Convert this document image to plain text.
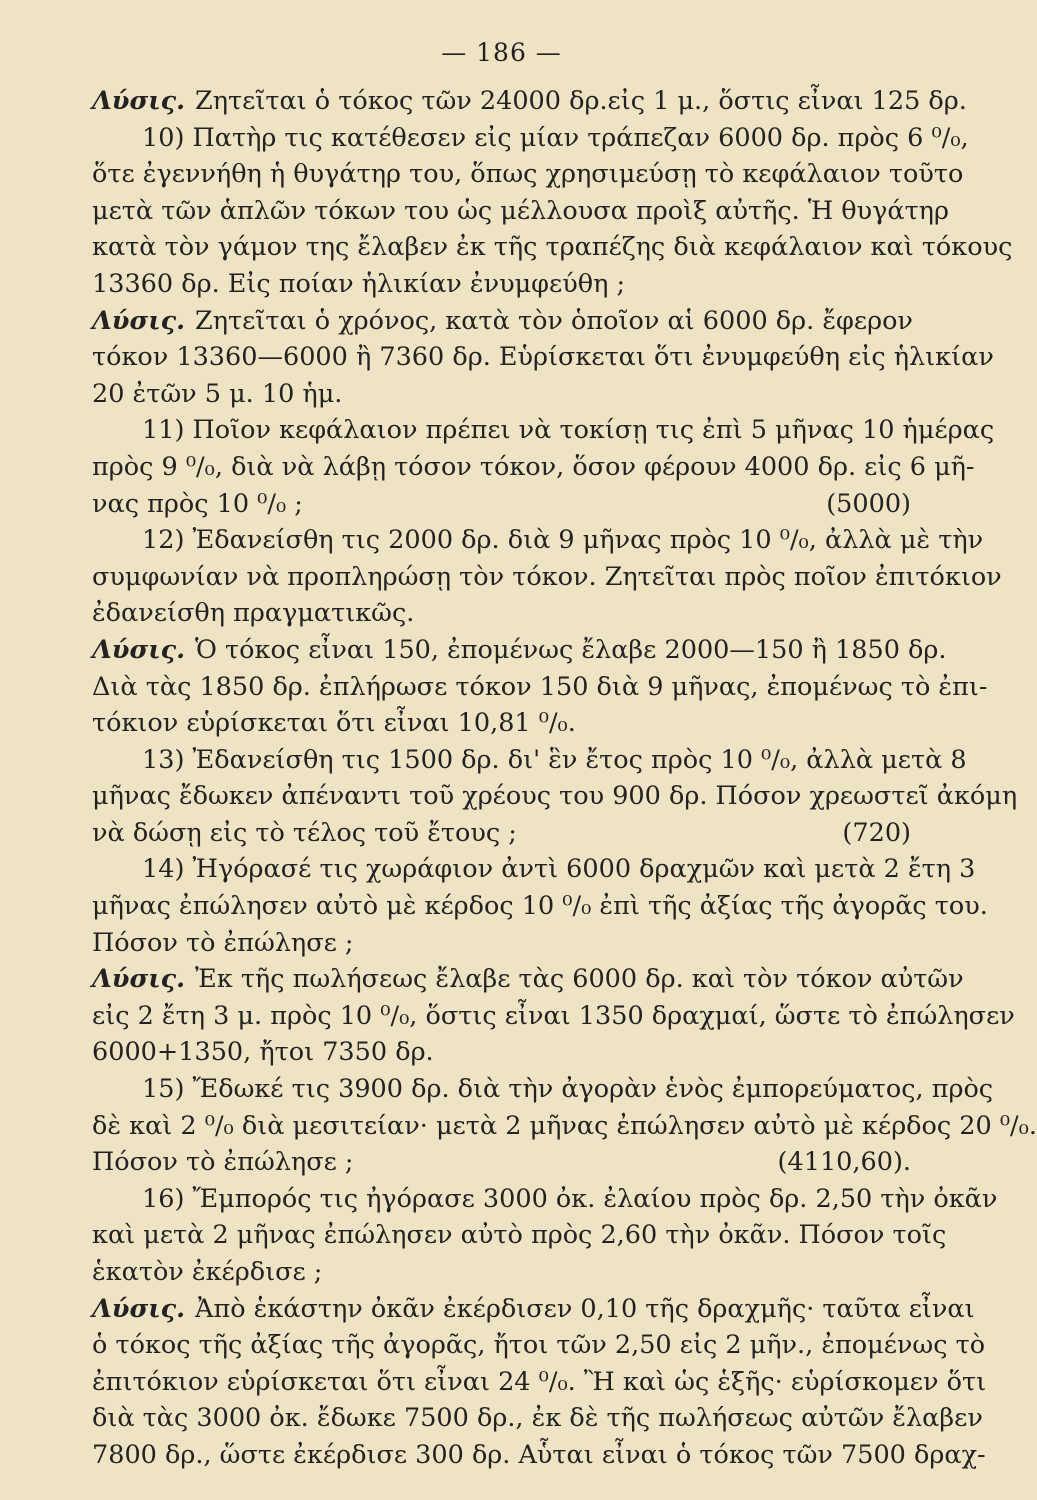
— 186 —
Λύσις. Ζητεῖται ὁ τόκος τῶν 24000 δρ.εἰς 1 μ., ὅστις εἶναι 125 δρ.
10) Πατὴρ τις κατέθεσεν εἰς μίαν τράπεζαν 6000 δρ. πρὸς 6 ⁰/₀,
ὅτε ἐγεννήθη ἡ θυγάτηρ του, ὅπως χρησιμεύσῃ τὸ κεφάλαιον τοῦτο
μετὰ τῶν ἁπλῶν τόκων του ὡς μέλλουσα προὶξ αὐτῆς. Ἡ θυγάτηρ
κατὰ τὸν γάμον της ἔλαβεν ἐκ τῆς τραπέζης διὰ κεφάλαιον καὶ τόκους
13360 δρ. Εἰς ποίαν ἡλικίαν ἐνυμφεύθη ;
Λύσις. Ζητεῖται ὁ χρόνος, κατὰ τὸν ὁποῖον αἱ 6000 δρ. ἔφερον
τόκον 13360—6000 ἢ 7360 δρ. Εὑρίσκεται ὅτι ἐνυμφεύθη εἰς ἡλικίαν
20 ἐτῶν 5 μ. 10 ἡμ.
11) Ποῖον κεφάλαιον πρέπει νὰ τοκίσῃ τις ἐπὶ 5 μῆνας 10 ἡμέρας
πρὸς 9 ⁰/₀, διὰ νὰ λάβῃ τόσον τόκον, ὅσον φέρουν 4000 δρ. εἰς 6 μῆ-
νας πρὸς 10 ⁰/₀ ;	(5000)
12) Ἐδανείσθη τις 2000 δρ. διὰ 9 μῆνας πρὸς 10 ⁰/₀, ἀλλὰ μὲ τὴν
συμφωνίαν νὰ προπληρώσῃ τὸν τόκον. Ζητεῖται πρὸς ποῖον ἐπιτόκιον
ἐδανείσθη πραγματικῶς.
Λύσις. Ὁ τόκος εἶναι 150, ἐπομένως ἔλαβε 2000—150 ἢ 1850 δρ.
Διὰ τὰς 1850 δρ. ἐπλήρωσε τόκον 150 διὰ 9 μῆνας, ἐπομένως τὸ ἐπι-
τόκιον εὑρίσκεται ὅτι εἶναι 10,81 ⁰/₀.
13) Ἐδανείσθη τις 1500 δρ. δι' ἓν ἔτος πρὸς 10 ⁰/₀, ἀλλὰ μετὰ 8
μῆνας ἔδωκεν ἀπέναντι τοῦ χρέους του 900 δρ. Πόσον χρεωστεῖ ἀκόμη
νὰ δώσῃ εἰς τὸ τέλος τοῦ ἔτους ;	(720)
14) Ἠγόρασέ τις χωράφιον ἀντὶ 6000 δραχμῶν καὶ μετὰ 2 ἔτη 3
μῆνας ἐπώλησεν αὐτὸ μὲ κέρδος 10 ⁰/₀ ἐπὶ τῆς ἀξίας τῆς ἀγορᾶς του.
Πόσον τὸ ἐπώλησε ;
Λύσις. Ἐκ τῆς πωλήσεως ἔλαβε τὰς 6000 δρ. καὶ τὸν τόκον αὐτῶν
εἰς 2 ἔτη 3 μ. πρὸς 10 ⁰/₀, ὅστις εἶναι 1350 δραχμαί, ὥστε τὸ ἐπώλησεν
6000+1350, ἤτοι 7350 δρ.
15) Ἔδωκέ τις 3900 δρ. διὰ τὴν ἀγορὰν ἑνὸς ἐμπορεύματος, πρὸς
δὲ καὶ 2 ⁰/₀ διὰ μεσιτείαν· μετὰ 2 μῆνας ἐπώλησεν αὐτὸ μὲ κέρδος 20 ⁰/₀.
Πόσον τὸ ἐπώλησε ;	(4110,60).
16) Ἔμπορός τις ἠγόρασε 3000 ὀκ. ἐλαίου πρὸς δρ. 2,50 τὴν ὀκᾶν
καὶ μετὰ 2 μῆνας ἐπώλησεν αὐτὸ πρὸς 2,60 τὴν ὀκᾶν. Πόσον τοῖς
ἑκατὸν ἐκέρδισε ;
Λύσις. Ἀπὸ ἑκάστην ὀκᾶν ἐκέρδισεν 0,10 τῆς δραχμῆς· ταῦτα εἶναι
ὁ τόκος τῆς ἀξίας τῆς ἀγορᾶς, ἤτοι τῶν 2,50 εἰς 2 μῆν., ἐπομένως τὸ
ἐπιτόκιον εὑρίσκεται ὅτι εἶναι 24 ⁰/₀. Ἢ καὶ ὡς ἑξῆς· εὑρίσκομεν ὅτι
διὰ τὰς 3000 ὀκ. ἔδωκε 7500 δρ., ἐκ δὲ τῆς πωλήσεως αὐτῶν ἔλαβεν
7800 δρ., ὥστε ἐκέρδισε 300 δρ. Αὗται εἶναι ὁ τόκος τῶν 7500 δραχ-
